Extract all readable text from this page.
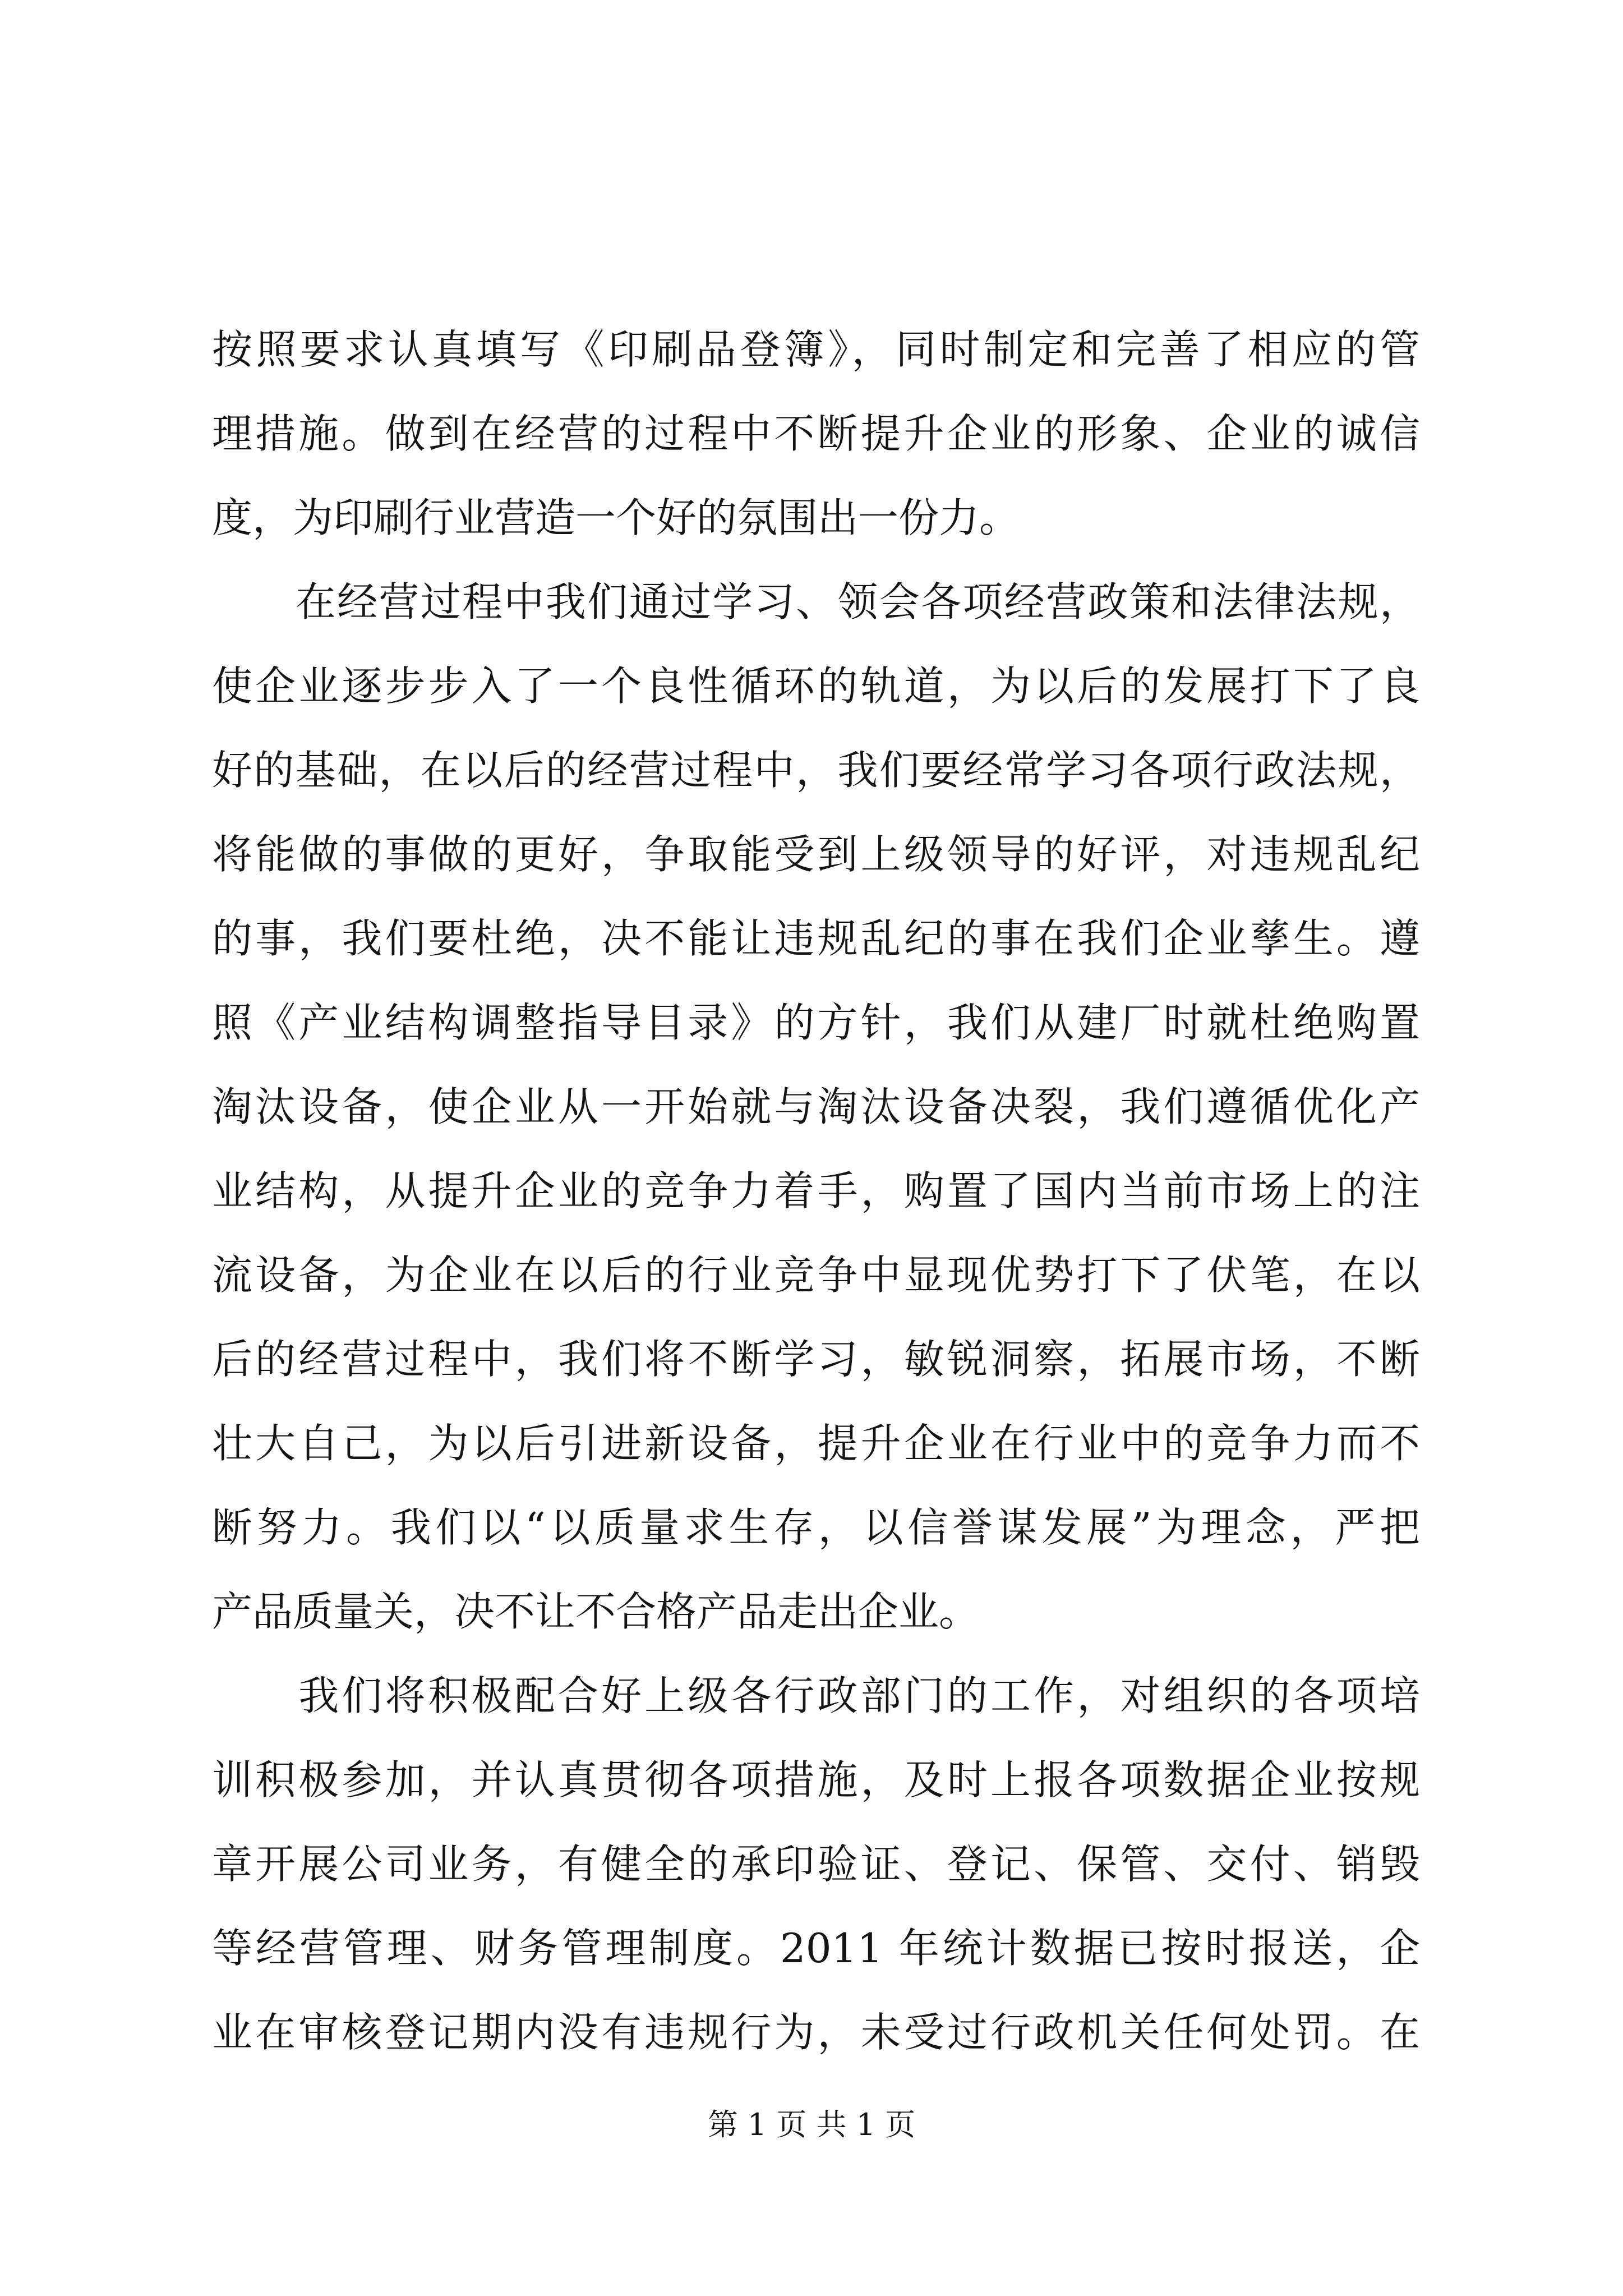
按照要求认真填写《印刷品登簿》，同时制定和完善了相应的管
理措施。做到在经营的过程中不断提升企业的形象、企业的诚信
度，为印刷行业营造一个好的氛围出一份力。
　　在经营过程中我们通过学习、领会各项经营政策和法律法规，
使企业逐步步入了一个良性循环的轨道，为以后的发展打下了良
好的基础，在以后的经营过程中，我们要经常学习各项行政法规，
将能做的事做的更好，争取能受到上级领导的好评，对违规乱纪
的事，我们要杜绝，决不能让违规乱纪的事在我们企业孳生。遵
照《产业结构调整指导目录》的方针，我们从建厂时就杜绝购置
淘汰设备，使企业从一开始就与淘汰设备决裂，我们遵循优化产
业结构，从提升企业的竞争力着手，购置了国内当前市场上的注
流设备，为企业在以后的行业竞争中显现优势打下了伏笔，在以
后的经营过程中，我们将不断学习，敏锐洞察，拓展市场，不断
壮大自己，为以后引进新设备，提升企业在行业中的竞争力而不
断努力。我们以“以质量求生存，以信誉谋发展”为理念，严把
产品质量关，决不让不合格产品走出企业。
　　我们将积极配合好上级各行政部门的工作，对组织的各项培
训积极参加，并认真贯彻各项措施，及时上报各项数据企业按规
章开展公司业务，有健全的承印验证、登记、保管、交付、销毁
等经营管理、财务管理制度。2011 年统计数据已按时报送，企
业在审核登记期内没有违规行为，未受过行政机关任何处罚。在
第 1 页 共 1 页
